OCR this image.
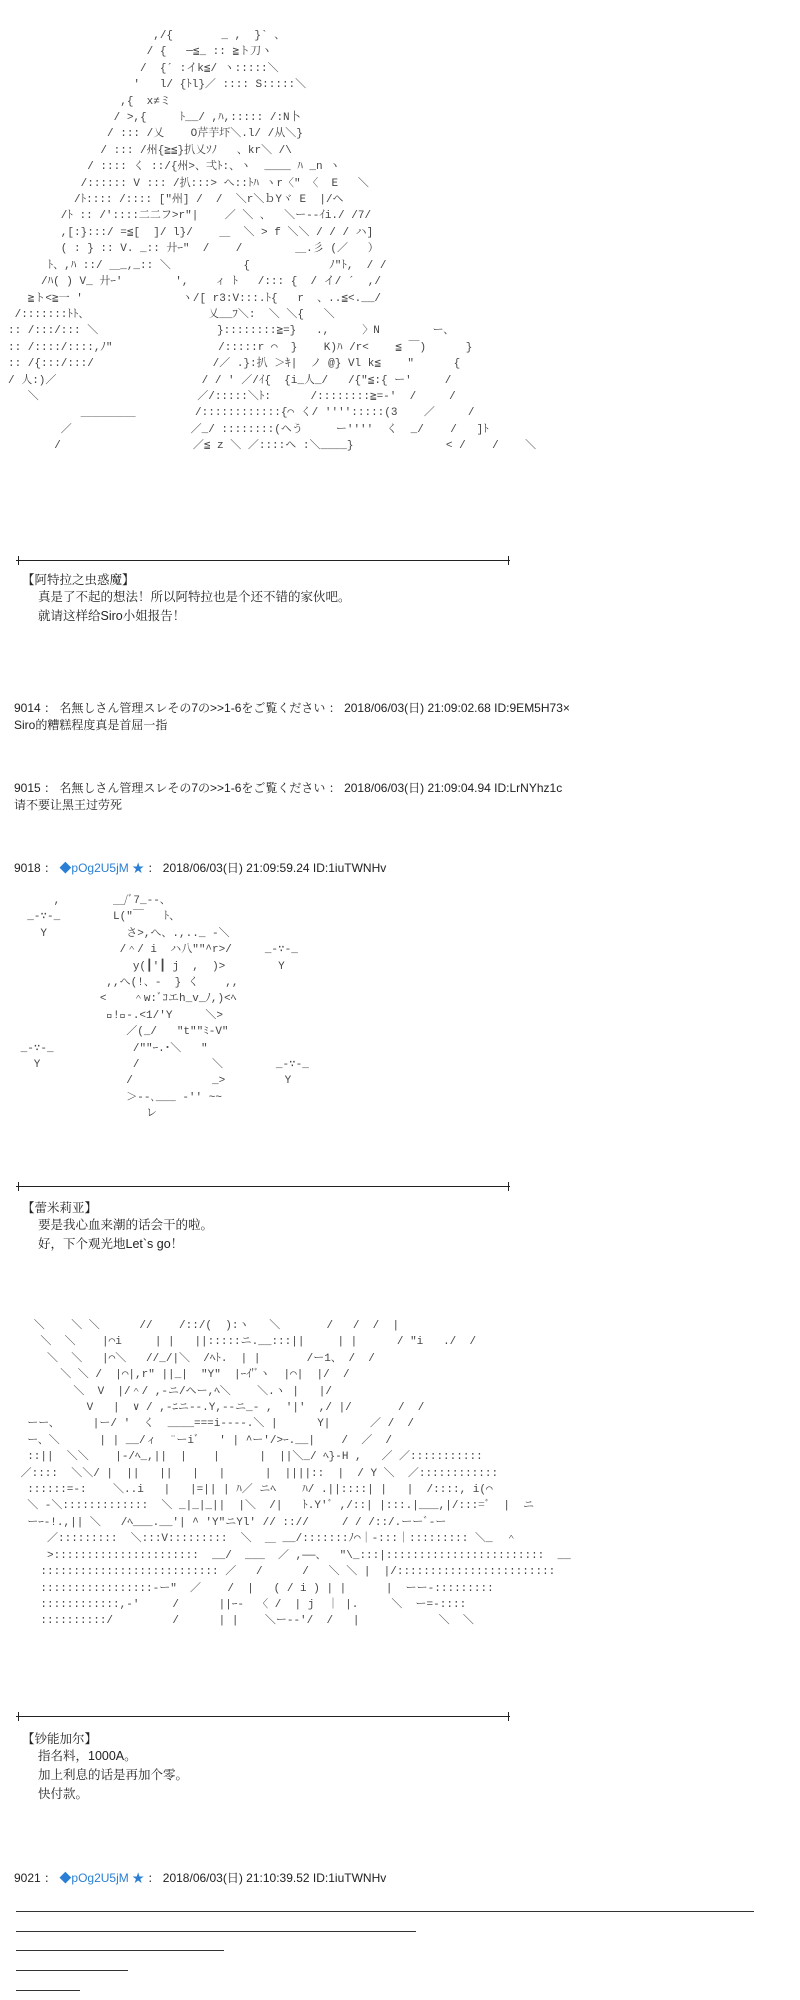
,/{  　 　 _ ,  }` 、
/ {   ─≦_ :: ≧ト刀ヽ
/  {´ :イk≦/ ヽ:::::＼
'   l/ {ﾄl}／ :::: S:::::＼
,{  x≠ミ
/ >,{     ﾄ__/ ,ﾊ,::::: /:N卜
/ ::: /乂    O芹芋圷＼.l/ /从＼}
/ ::: /州{≧≦}扒乂ｿﾉ   、kr＼ /\
/ :::: く ::/{州>、弌ﾄ:、ヽ  ____ ﾊ _n ヽ
/:::::: V ::: /扒:::> へ::ﾄﾊ ヽr〈" 〈  E   ＼
/ﾄ:::: /:::: ["州] /  /  ＼r＼ｂYヾ E  |/ヘ
/ﾄ :: /'::::二二フ>r"|    ／ ＼ 、  ＼ー--ｲi./ /7/
,[:}:::/ =≦[  ]/ l}/    ＿  ＼ > f ＼＼ / / / ハ]
( : } :: V. _:: 廾ｰ"  /    /        ＿.彡 (／   ）
ﾄ、,ﾊ ::/ ＿_,_:: ＼           {            ﾉ"ﾄ,  / /
/ﾊ( ) V_ 廾ｰ'        ',    ィ ﾄ   /::: {  / イ/ ´  ,/
≧ト<≧一 '               ヽ/[ r3:V:::.ﾄ{   r  、..≦<.__/
/:::::::ﾄﾄ、                  乂__ﾌ＼:  ＼ ＼{   ＼
:: /:::/::: ＼                  }::::::::≧=}   .,     〉N        ー、
:: /::::/::::,ﾉ"                /:::::r ⌒  }    K)ﾊ /r<    ≦ ￣)      }
:: /{:::/:::/                  /／ .}:扒 ＞ｷ|  ノ @} Vl k≦    "      {
/ 人:)／                      / / ' ／/ｲ{  {i_人_/   /{"≦:{ ー'     /
＼                        ／/:::::＼ﾄ:      /::::::::≧=-'  /     /
＿＿＿＿＿         /::::::::::::{⌒ く/ '''':::::(3    ／     /
／                  ／_/ ::::::::(ヘう     ー''''  く  _/    /   ]ﾄ
/                    ／≦ z ＼ ／::::ヘ :＼____}              < /    /    ＼
【阿特拉之虫惑魔】
真是了不起的想法！所以阿特拉也是个还不错的家伙吧。
就请这样给Siro小姐报告！
9014 ： 名無しさん管理スレその7の>>1-6をご覧ください ： 2018/06/03(日) 21:09:02.68 ID:9EM5H73×
Siro的糟糕程度真是首屈一指
9015 ： 名無しさん管理スレその7の>>1-6をご覧ください ： 2018/06/03(日) 21:09:04.94 ID:LrNYhz1c
请不要让黑王过劳死
9018 ： ◆pOg2U5jM ★ ： 2018/06/03(日) 21:09:59.24 ID:1iuTWNHv
,        ＿/ﾞ7_--、
_-∵-_        L("￣   ﾄ、
Y            さ>,へ、.,.._ -＼
/＾/ i  ハ八""^r>/     _-∵-_
y(┃'┃ j  ,  )>        Y
,,へ(!、-  } く    ,,
<    ＾w:ﾞｺエh_v_ﾉ,)<ﾍ
ﾞ!／-.<1/'Y     ＼>
／(_/   "t""ﾐ-V"
_-∵-_            /""ｰ.･＼   "
Y              /           ＼        _-∵-_
/            _>         Y
＞--､___ -'' ~~
レ
【蕾米莉亚】
要是我心血来潮的话会干的啦。
好，下个观光地Let`s go！
＼    ＼ ＼      //    /::/(  ):ヽ   ＼       /   /  /  |
＼  ＼    |⌒i     | |   ||:::::ニ.__:::||     | |      / "i   ./  /
＼  ＼   |⌒＼   //_/|＼  /ﾍﾄ.  | |       /ー1、 /  /
＼ ＼ /  |⌒|,r" ||_|  "Y"  |ｰｲ'ﾞヽ  |⌒|  |/  /
＼  V  |/＾/ ,-ニ/ヘー,ﾍ＼    ＼.ヽ |   |/
V   |  ∨ / ,-ﾆニ--.Y,--ニ_- ,  '|'  ,/ |/       /  /
ーー、     |ー/ '  く  ____===i----.＼ |      Y|      ／ /  /
ー、＼      | | __/ィ  ¨ーiﾞ   ' | ^ー'/>ｰ.__|    /  ／  /
::||  ＼＼    |-/ﾍ_,||  |    |      |  ||＼_/ ﾍ}-H ,   ／ ／:::::::::::
／::::  ＼＼/ |  ||   ||   |   |      |  ||||::  |  / Y ＼  ／::::::::::::
::::::=-:    ＼..i   |   |=|| | ﾊ／ ニﾍ    ﾊ/ .||::::| |   |  /::::, i(⌒
＼ -＼:::::::::::::  ＼ _|_|_||  |＼  /|   ﾄ.Y'ﾞ ,/::| |:::.|___,|/:::=ﾞ  |  ニ
ーｰ-!.,|| ＼   /ﾍ___.__'| ^ 'Y"ニYl' // :://     / / /::/.ーーﾞ-ー
／:::::::::  ＼:::V:::::::::  ＼  ＿ __/:::::::ﾉ⌒｜-:::｜::::::::: ＼_  ＾
>::::::::::::::::::::::  __/  ___  ／ ,――、  "\_:::|::::::::::::::::::::::::  __
::::::::::::::::::::::::::: ／   /      /   ＼ ＼ |  |/::::::::::::::::::::::::
:::::::::::::::::-ー"  ／    /  |   ( / i ) | |      |  ーー-:::::::::
::::::::::::,-'     /      ||ｰ-  〈 /  | j  ｜ |.     ＼  ー=-::::
::::::::::/         /      | |    ＼ー--'/  /   |            ＼  ＼
【钞能加尔】
指名料，1000A。
加上利息的话是再加个零。
快付款。
9021 ： ◆pOg2U5jM ★ ： 2018/06/03(日) 21:10:39.52 ID:1iuTWNHv
